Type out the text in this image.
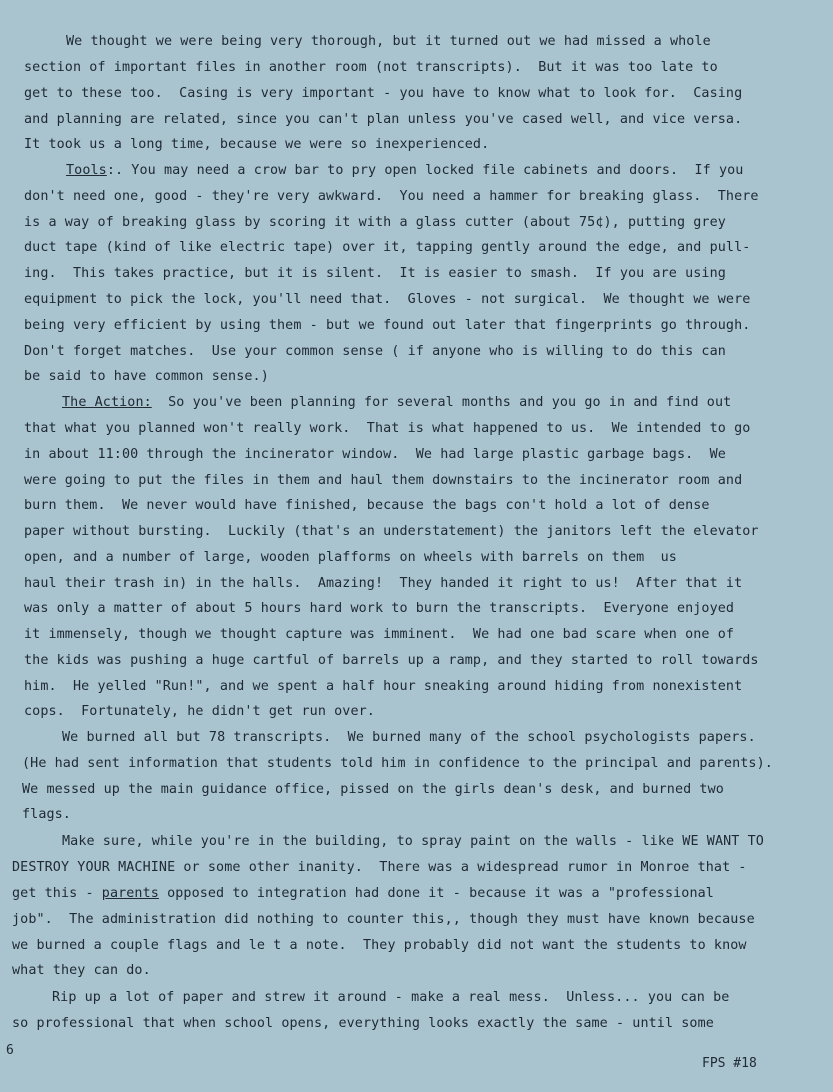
We thought we were being very thorough, but it turned out we had missed a whole
section of important files in another room (not transcripts).  But it was too late to
get to these too.  Casing is very important - you have to know what to look for.  Casing
and planning are related, since you can't plan unless you've cased well, and vice versa.
It took us a long time, because we were so inexperienced.
Tools:. You may need a crow bar to pry open locked file cabinets and doors.  If you
don't need one, good - they're very awkward.  You need a hammer for breaking glass.  There
is a way of breaking glass by scoring it with a glass cutter (about 75¢), putting grey
duct tape (kind of like electric tape) over it, tapping gently around the edge, and pull-
ing.  This takes practice, but it is silent.  It is easier to smash.  If you are using
equipment to pick the lock, you'll need that.  Gloves - not surgical.  We thought we were
being very efficient by using them - but we found out later that fingerprints go through.
Don't forget matches.  Use your common sense ( if anyone who is willing to do this can
be said to have common sense.)
The Action:  So you've been planning for several months and you go in and find out
that what you planned won't really work.  That is what happened to us.  We intended to go
in about 11:00 through the incinerator window.  We had large plastic garbage bags.  We
were going to put the files in them and haul them downstairs to the incinerator room and
burn them.  We never would have finished, because the bags con't hold a lot of dense
paper without bursting.  Luckily (that's an understatement) the janitors left the elevator
open, and a number of large, wooden plafforms on wheels with barrels on them  us
haul their trash in) in the halls.  Amazing!  They handed it right to us!  After that it
was only a matter of about 5 hours hard work to burn the transcripts.  Everyone enjoyed
it immensely, though we thought capture was imminent.  We had one bad scare when one of
the kids was pushing a huge cartful of barrels up a ramp, and they started to roll towards
him.  He yelled "Run!", and we spent a half hour sneaking around hiding from nonexistent
cops.  Fortunately, he didn't get run over.
We burned all but 78 transcripts.  We burned many of the school psychologists papers.
(He had sent information that students told him in confidence to the principal and parents).
We messed up the main guidance office, pissed on the girls dean's desk, and burned two
flags.
Make sure, while you're in the building, to spray paint on the walls - like WE WANT TO
DESTROY YOUR MACHINE or some other inanity.  There was a widespread rumor in Monroe that -
get this - parents opposed to integration had done it - because it was a "professional
job".  The administration did nothing to counter this,, though they must have known because
we burned a couple flags and le t a note.  They probably did not want the students to know
what they can do.
Rip up a lot of paper and strew it around - make a real mess.  Unless... you can be
so professional that when school opens, everything looks exactly the same - until some
6
FPS #18
